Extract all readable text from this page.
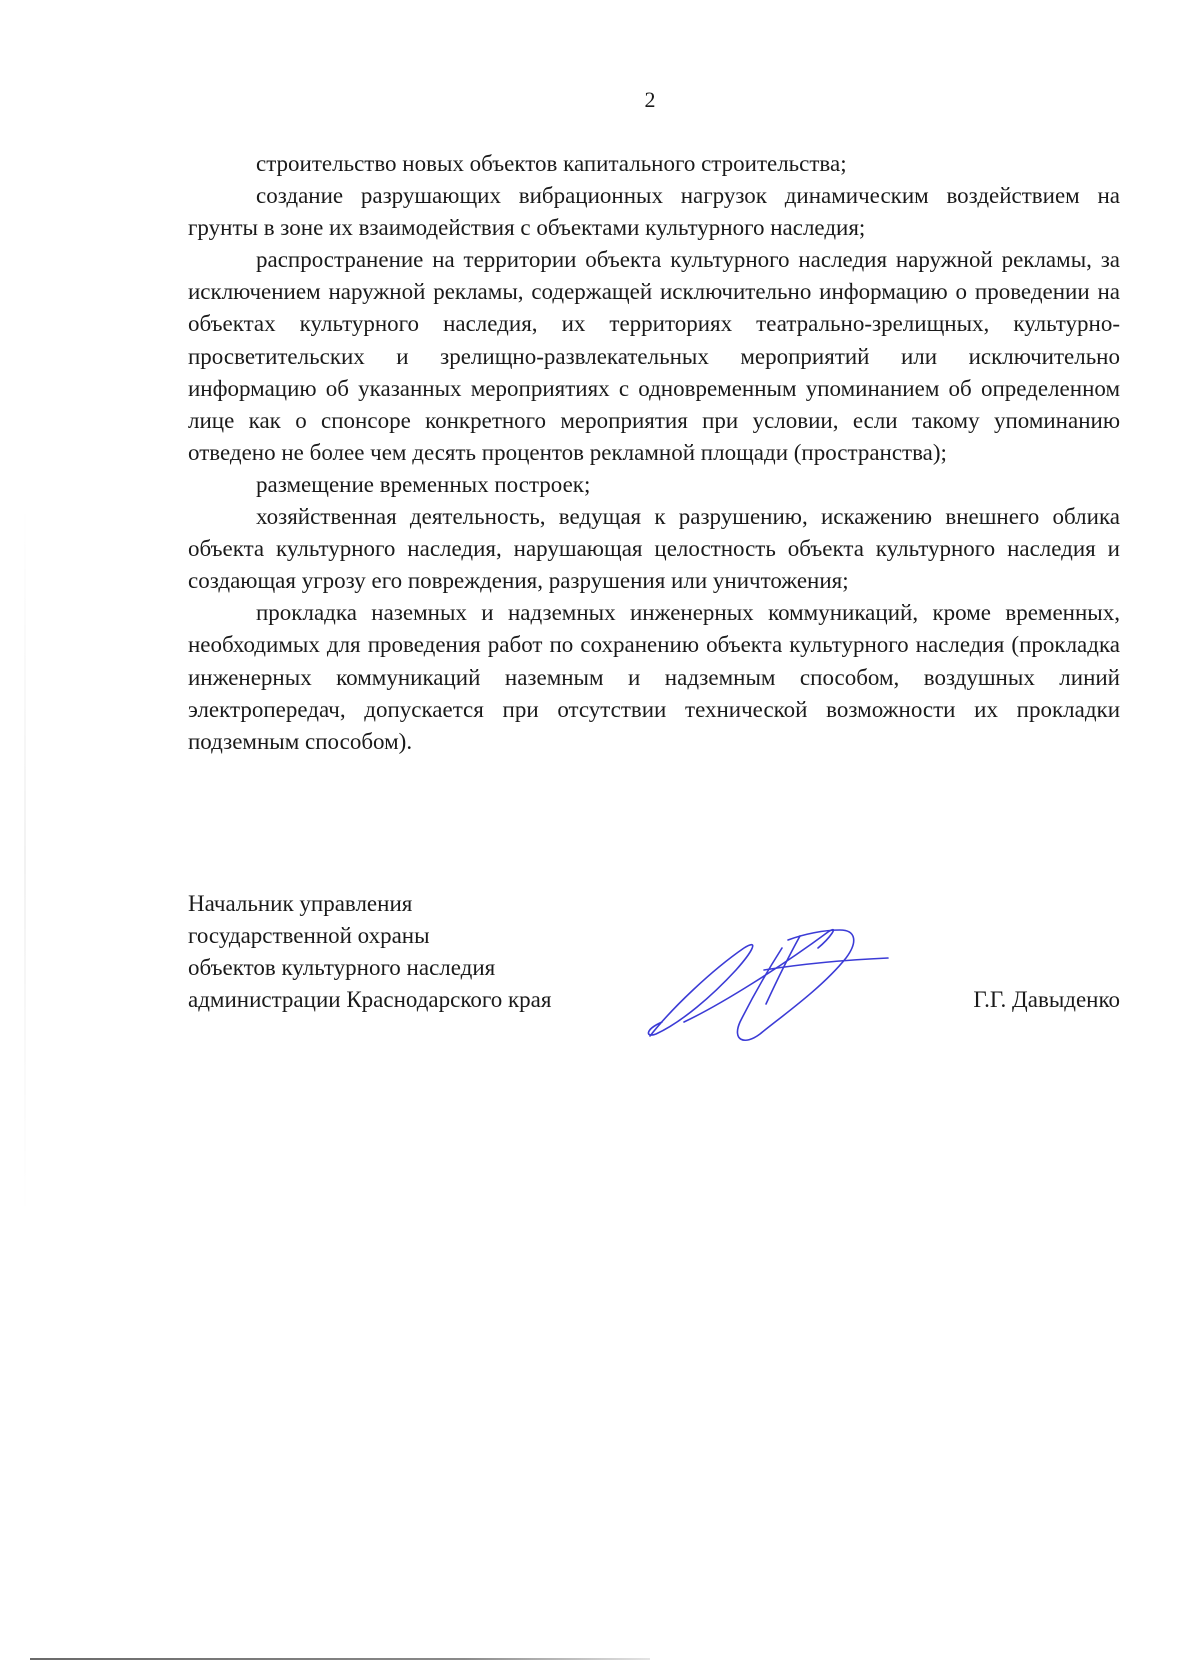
2

строительство новых объектов капитального строительства;

создание разрушающих вибрационных нагрузок динамическим воздействием на грунты в зоне их взаимодействия с объектами культурного наследия;

распространение на территории объекта культурного наследия наружной рекламы, за исключением наружной рекламы, содержащей исключительно информацию о проведении на объектах культурного наследия, их территориях театрально-зрелищных, культурно-просветительских и зрелищно-развлекательных мероприятий или исключительно информацию об указанных мероприятиях с одновременным упоминанием об определенном лице как о спонсоре конкретного мероприятия при условии, если такому упоминанию отведено не более чем десять процентов рекламной площади (пространства);

размещение временных построек;

хозяйственная деятельность, ведущая к разрушению, искажению внешнего облика объекта культурного наследия, нарушающая целостность объекта культурного наследия и создающая угрозу его повреждения, разрушения или уничтожения;

прокладка наземных и надземных инженерных коммуникаций, кроме временных, необходимых для проведения работ по сохранению объекта культурного наследия (прокладка инженерных коммуникаций наземным и надземным способом, воздушных линий электропередач, допускается при отсутствии технической возможности их прокладки подземным способом).

Начальник управления
государственной охраны
объектов культурного наследия
администрации Краснодарского края	Г.Г. Давыденко
